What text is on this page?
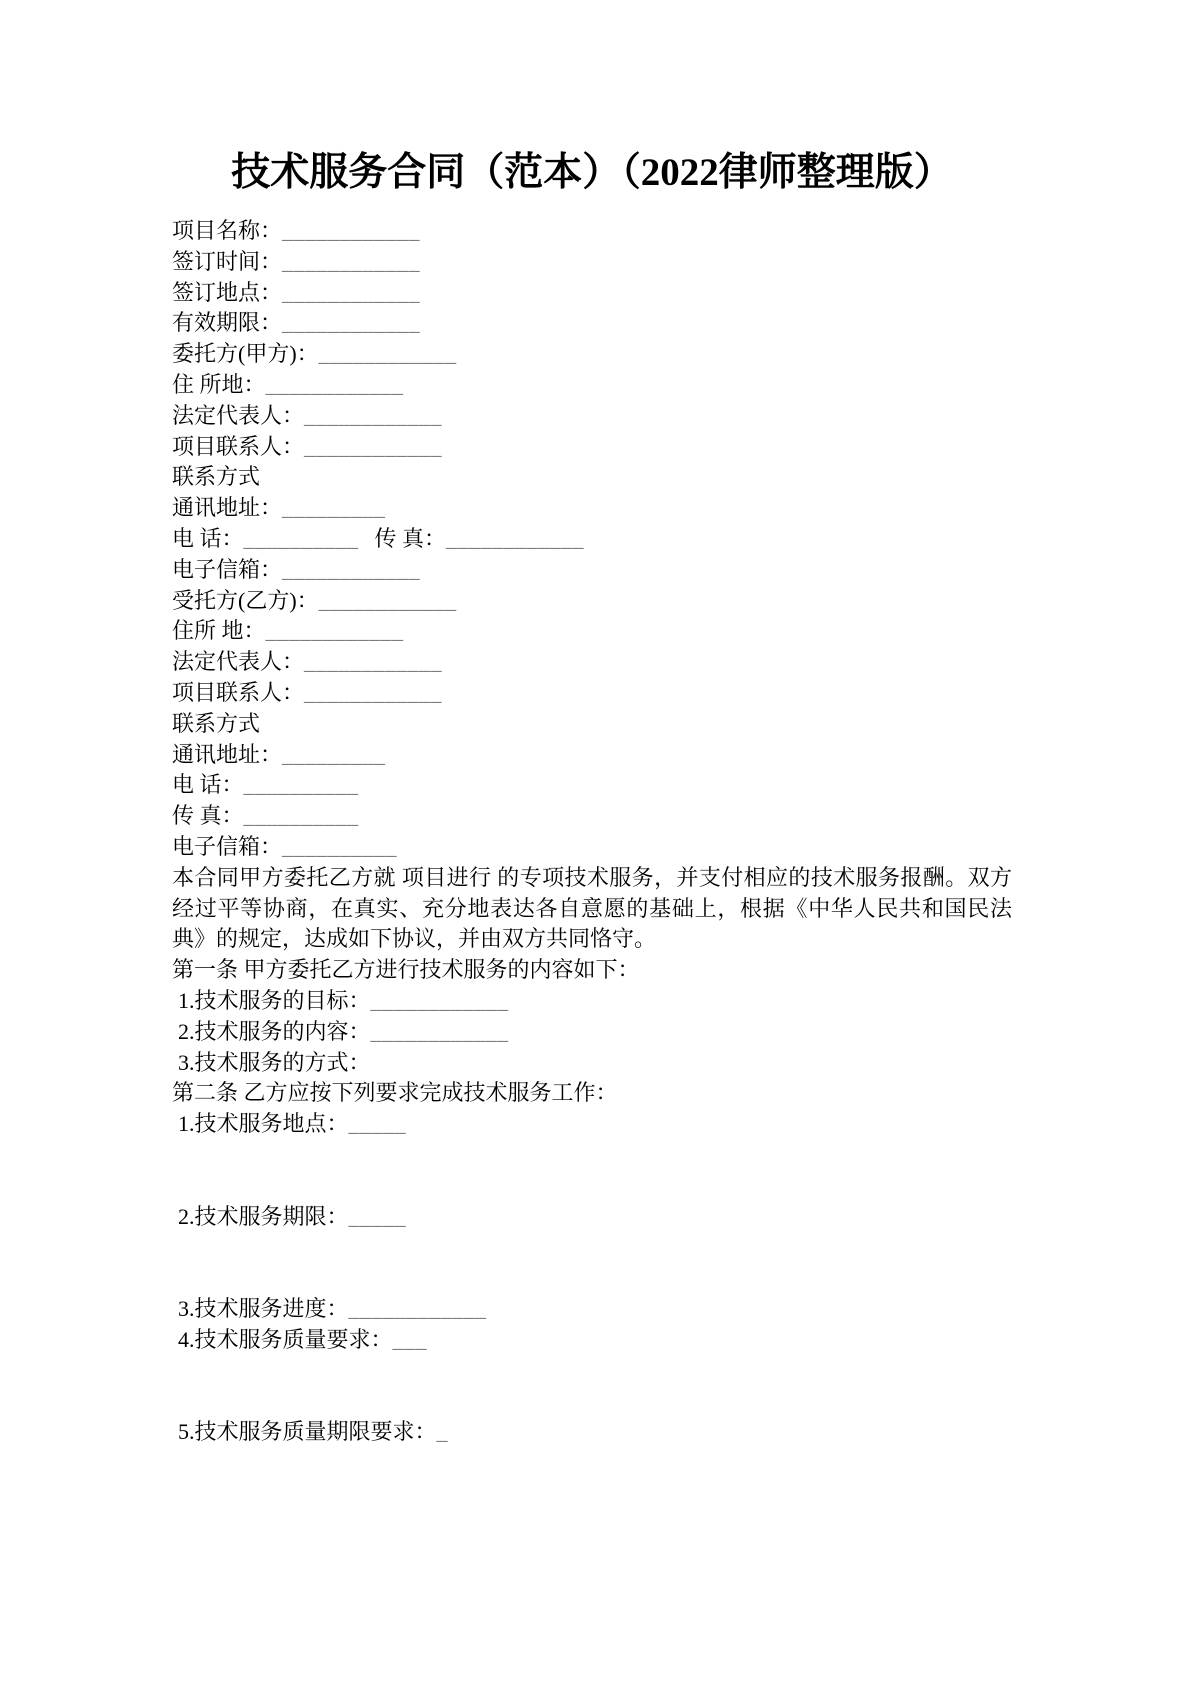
技术服务合同（范本）（2022律师整理版）
项目名称：____________
签订时间：____________
签订地点：____________
有效期限：____________
委托方(甲方)：____________
住 所地：____________
法定代表人：____________
项目联系人：____________
联系方式
通讯地址：_________
电 话：__________ 传 真：____________
电子信箱：____________
受托方(乙方)：____________
住所 地：____________
法定代表人：____________
项目联系人：____________
联系方式
通讯地址：_________
电 话：__________
传 真：__________
电子信箱：__________
本合同甲方委托乙方就 项目进行 的专项技术服务，并支付相应的技术服务报酬。双方经过平等协商，在真实、充分地表达各自意愿的基础上，根据《中华人民共和国民法典》的规定，达成如下协议，并由双方共同恪守。
第一条 甲方委托乙方进行技术服务的内容如下：
1.技术服务的目标：____________
2.技术服务的内容：____________
3.技术服务的方式：
第二条 乙方应按下列要求完成技术服务工作：
1.技术服务地点：_____
2.技术服务期限：_____
3.技术服务进度：____________
4.技术服务质量要求：___
5.技术服务质量期限要求：_
